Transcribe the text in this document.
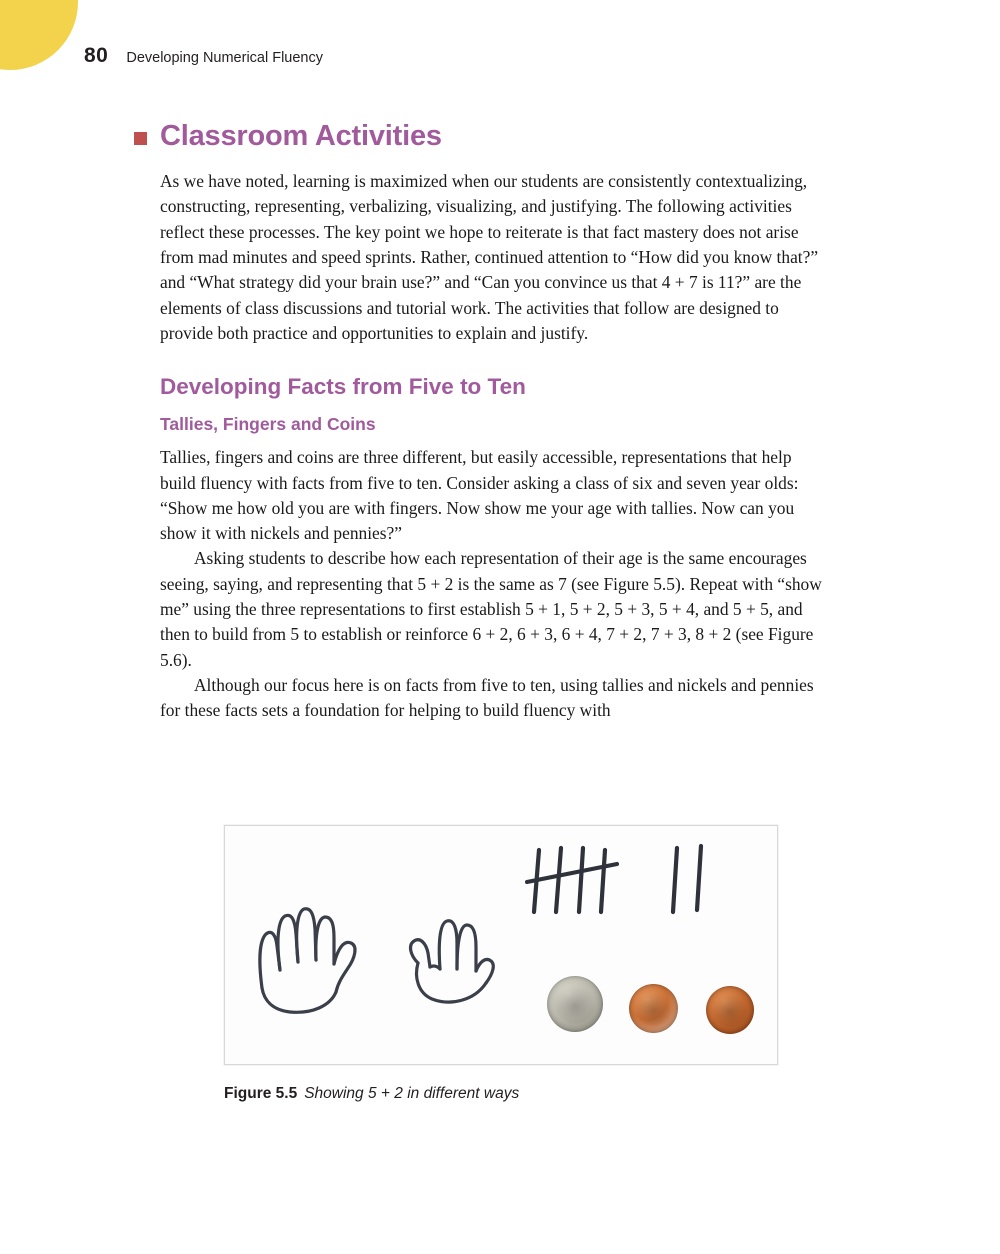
80 Developing Numerical Fluency
Classroom Activities

As we have noted, learning is maximized when our students are consistently contextualizing, constructing, representing, verbalizing, visualizing, and justifying. The following activities reflect these processes. The key point we hope to reiterate is that fact mastery does not arise from mad minutes and speed sprints. Rather, continued attention to “How did you know that?” and “What strategy did your brain use?” and “Can you convince us that 4 + 7 is 11?” are the elements of class discussions and tutorial work. The activities that follow are designed to provide both practice and opportunities to explain and justify.

Developing Facts from Five to Ten
Tallies, Fingers and Coins

Tallies, fingers and coins are three different, but easily accessible, representations that help build fluency with facts from five to ten. Consider asking a class of six and seven year olds: “Show me how old you are with fingers. Now show me your age with tallies. Now can you show it with nickels and pennies?”

Asking students to describe how each representation of their age is the same encourages seeing, saying, and representing that 5 + 2 is the same as 7 (see Figure 5.5). Repeat with “show me” using the three representations to first establish 5 + 1, 5 + 2, 5 + 3, 5 + 4, and 5 + 5, and then to build from 5 to establish or reinforce 6 + 2, 6 + 3, 6 + 4, 7 + 2, 7 + 3, 8 + 2 (see Figure 5.6).

Although our focus here is on facts from five to ten, using tallies and nickels and pennies for these facts sets a foundation for helping to build fluency with

Figure 5.5 Showing 5 + 2 in different ways
